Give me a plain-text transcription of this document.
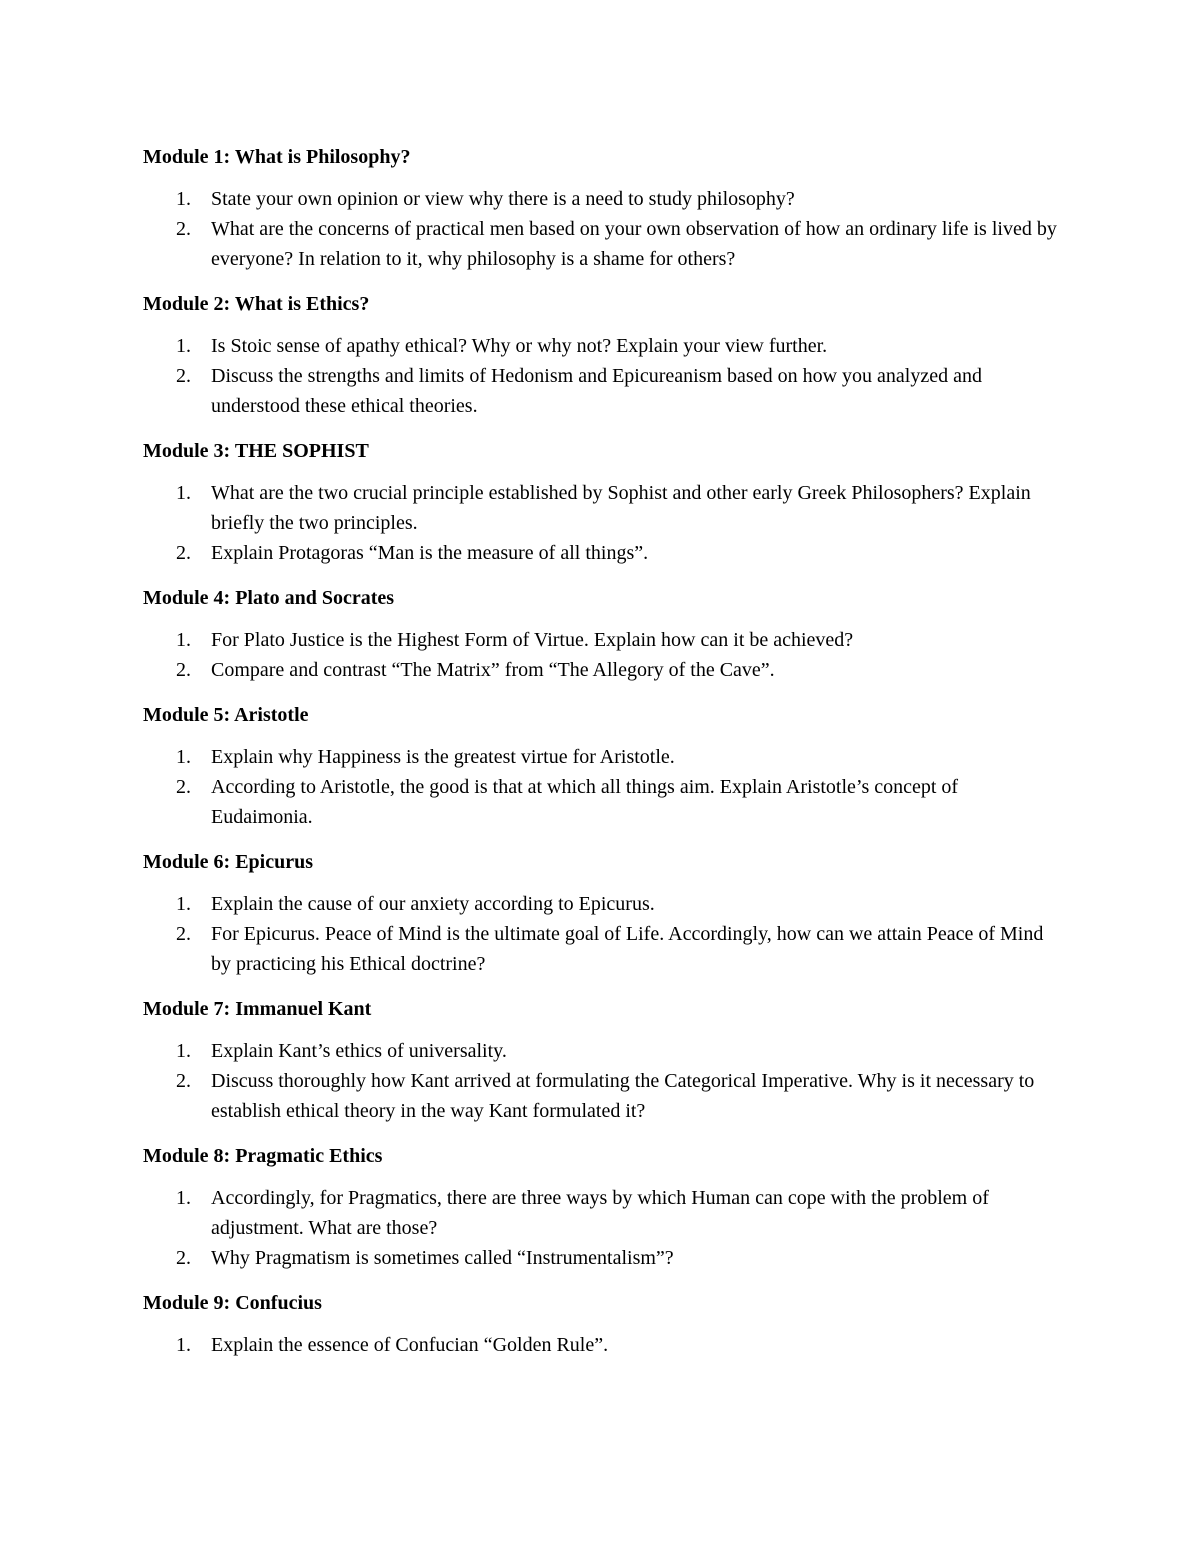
Module 1: What is Philosophy?
1. State your own opinion or view why there is a need to study philosophy?
2. What are the concerns of practical men based on your own observation of how an ordinary life is lived by everyone? In relation to it, why philosophy is a shame for others?
Module 2: What is Ethics?
1. Is Stoic sense of apathy ethical? Why or why not? Explain your view further.
2. Discuss the strengths and limits of Hedonism and Epicureanism based on how you analyzed and understood these ethical theories.
Module 3: THE SOPHIST
1. What are the two crucial principle established by Sophist and other early Greek Philosophers? Explain briefly the two principles.
2. Explain Protagoras “Man is the measure of all things”.
Module 4: Plato and Socrates
1. For Plato Justice is the Highest Form of Virtue. Explain how can it be achieved?
2. Compare and contrast “The Matrix” from “The Allegory of the Cave”.
Module 5: Aristotle
1. Explain why Happiness is the greatest virtue for Aristotle.
2. According to Aristotle, the good is that at which all things aim. Explain Aristotle’s concept of Eudaimonia.
Module 6: Epicurus
1. Explain the cause of our anxiety according to Epicurus.
2. For Epicurus. Peace of Mind is the ultimate goal of Life. Accordingly, how can we attain Peace of Mind by practicing his Ethical doctrine?
Module 7: Immanuel Kant
1. Explain Kant’s ethics of universality.
2. Discuss thoroughly how Kant arrived at formulating the Categorical Imperative. Why is it necessary to establish ethical theory in the way Kant formulated it?
Module 8: Pragmatic Ethics
1. Accordingly, for Pragmatics, there are three ways by which Human can cope with the problem of adjustment. What are those?
2. Why Pragmatism is sometimes called “Instrumentalism”?
Module 9: Confucius
1. Explain the essence of Confucian “Golden Rule”.
